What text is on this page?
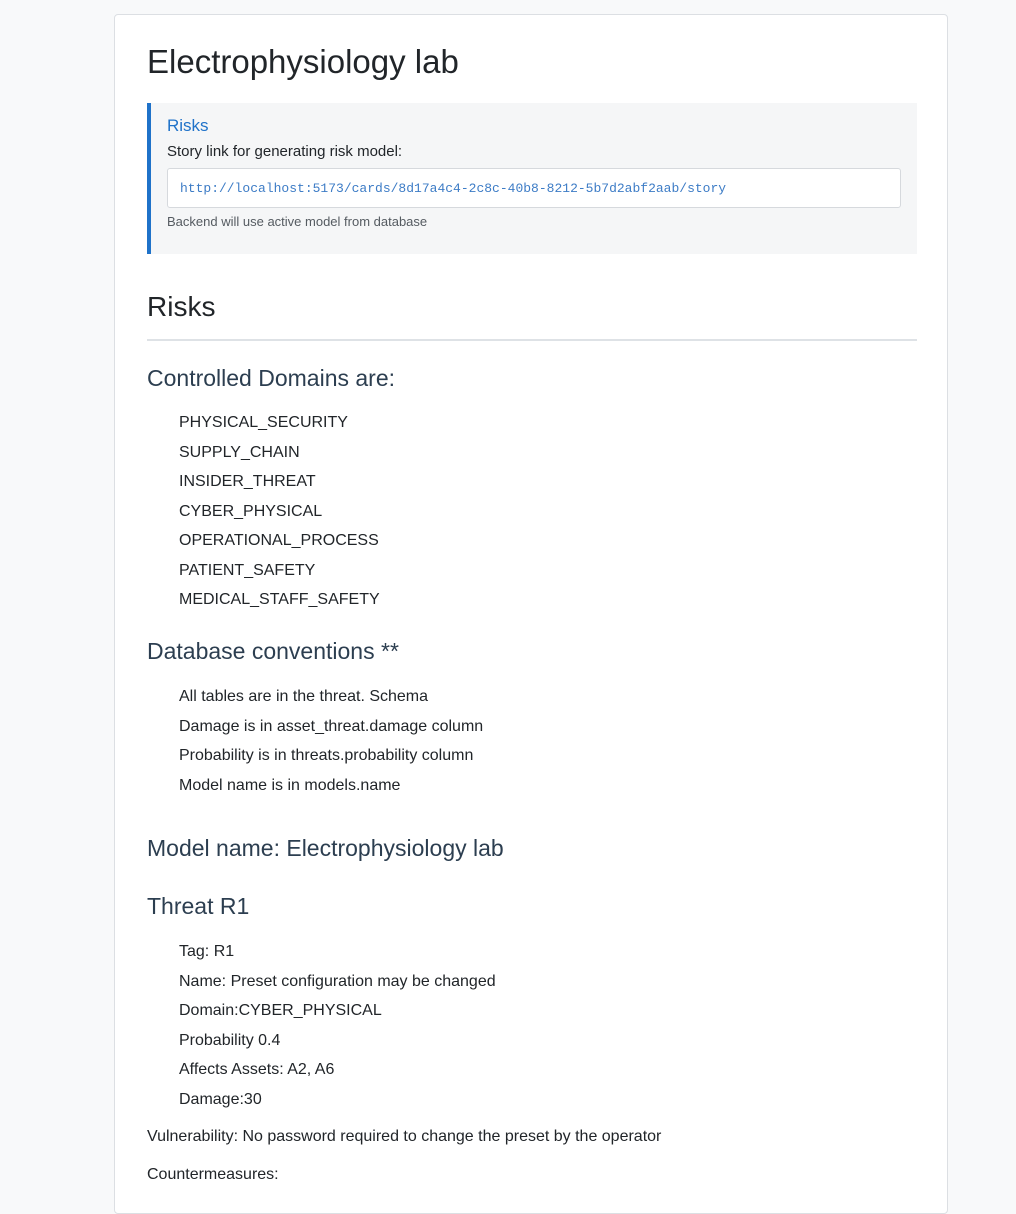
Electrophysiology lab
Risks
Story link for generating risk model:
http://localhost:5173/cards/8d17a4c4-2c8c-40b8-8212-5b7d2abf2aab/story
Backend will use active model from database
Risks
Controlled Domains are:
PHYSICAL_SECURITY
SUPPLY_CHAIN
INSIDER_THREAT
CYBER_PHYSICAL
OPERATIONAL_PROCESS
PATIENT_SAFETY
MEDICAL_STAFF_SAFETY
Database conventions **
All tables are in the threat. Schema
Damage is in asset_threat.damage column
Probability is in threats.probability column
Model name is in models.name
Model name: Electrophysiology lab
Threat R1
Tag: R1
Name: Preset configuration may be changed
Domain:CYBER_PHYSICAL
Probability 0.4
Affects Assets: A2, A6
Damage:30

Vulnerability: No password required to change the preset by the operator

Countermeasures:
